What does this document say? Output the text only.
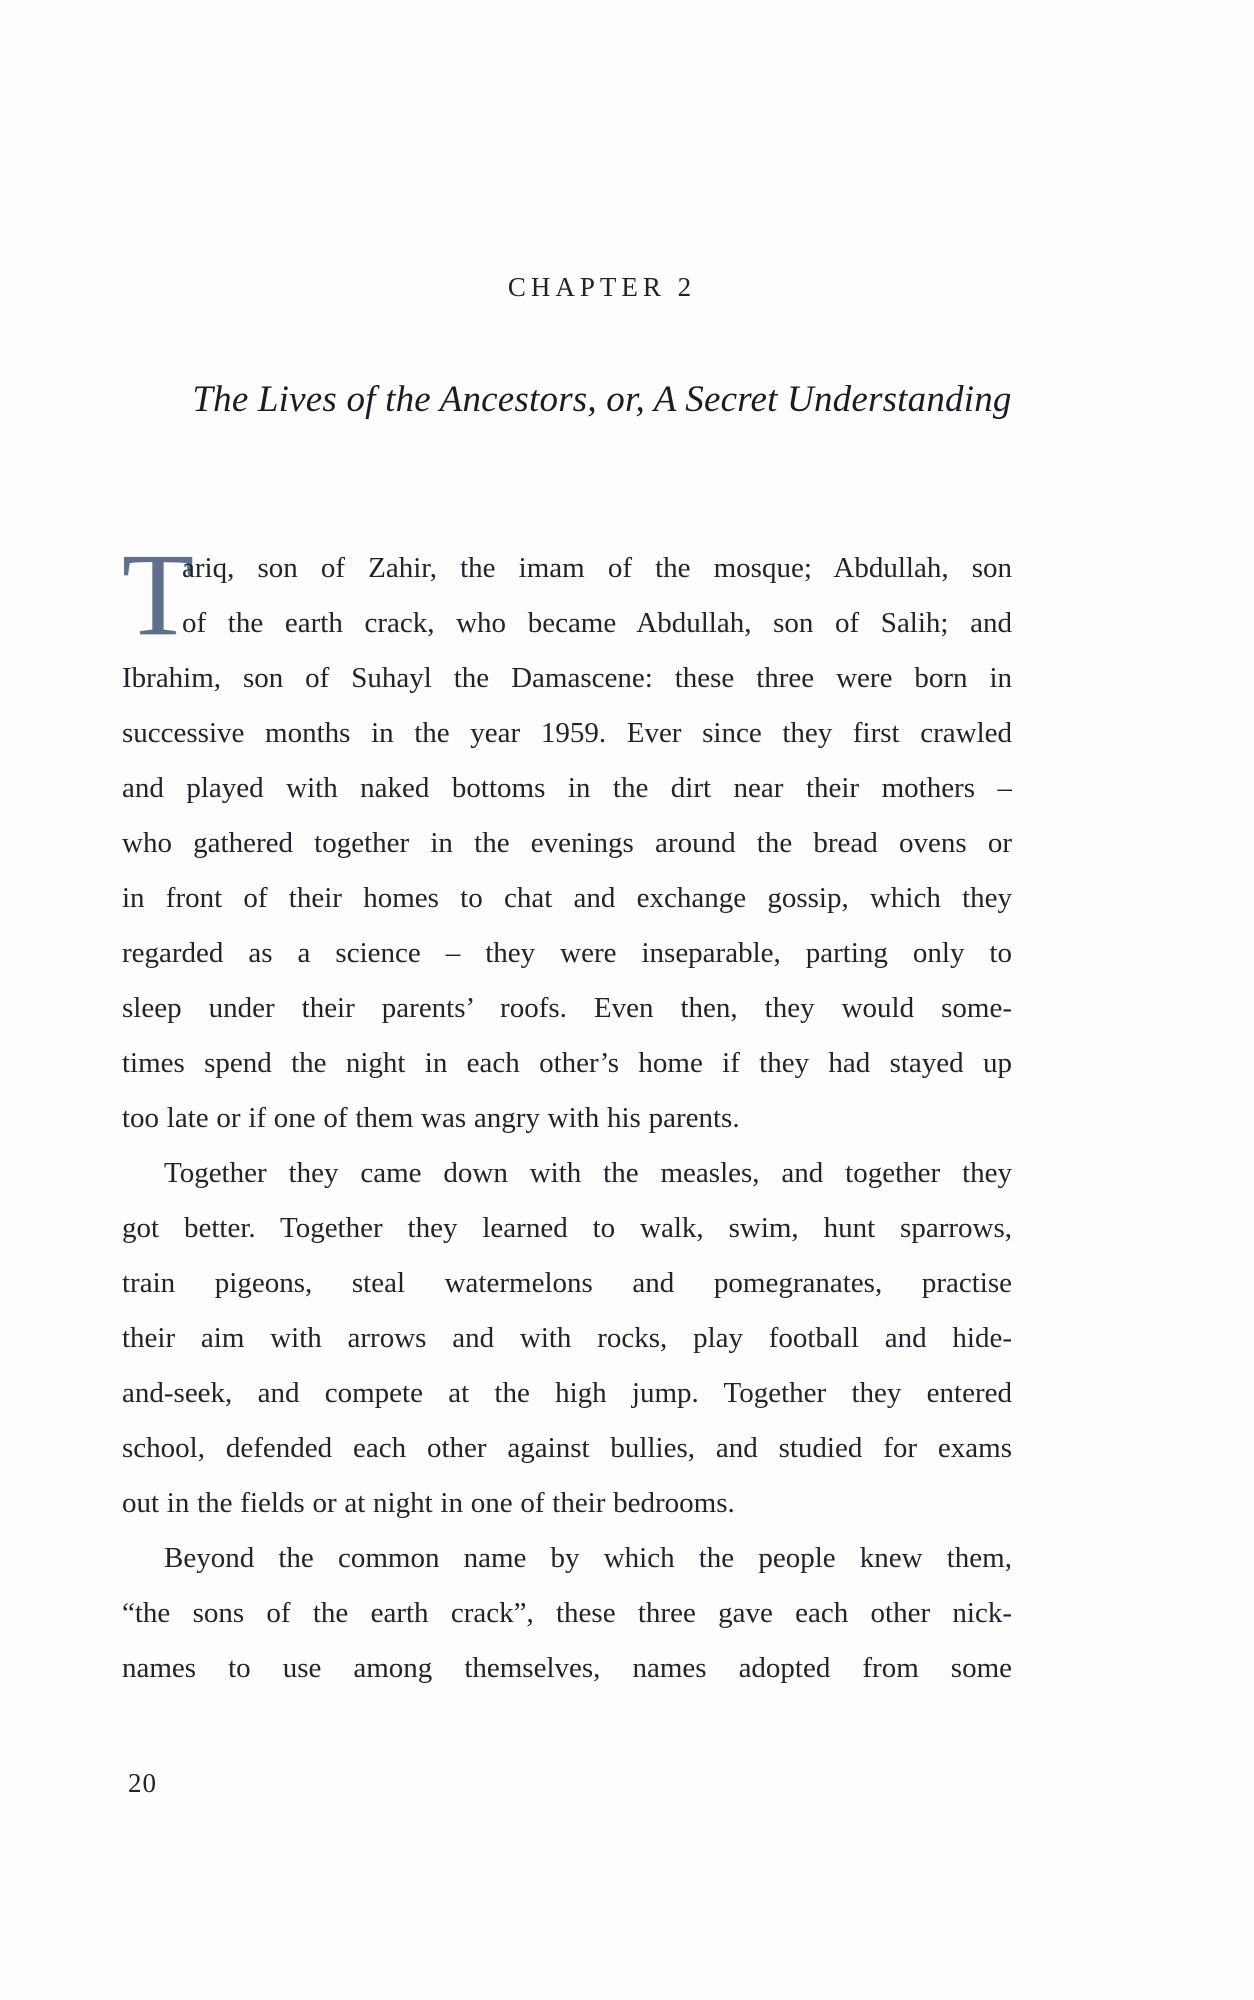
CHAPTER 2
The Lives of the Ancestors, or, A Secret Understanding
T
ariq, son of Zahir, the imam of the mosque; Abdullah, son
of the earth crack, who became Abdullah, son of Salih; and
Ibrahim, son of Suhayl the Damascene: these three were born in
successive months in the year 1959. Ever since they first crawled
and played with naked bottoms in the dirt near their mothers –
who gathered together in the evenings around the bread ovens or
in front of their homes to chat and exchange gossip, which they
regarded as a science – they were inseparable, parting only to
sleep under their parents’ roofs. Even then, they would some-
times spend the night in each other’s home if they had stayed up
too late or if one of them was angry with his parents.
Together they came down with the measles, and together they
got better. Together they learned to walk, swim, hunt sparrows,
train pigeons, steal watermelons and pomegranates, practise
their aim with arrows and with rocks, play football and hide-
and-seek, and compete at the high jump. Together they entered
school, defended each other against bullies, and studied for exams
out in the fields or at night in one of their bedrooms.
Beyond the common name by which the people knew them,
“the sons of the earth crack”, these three gave each other nick-
names to use among themselves, names adopted from some
20
